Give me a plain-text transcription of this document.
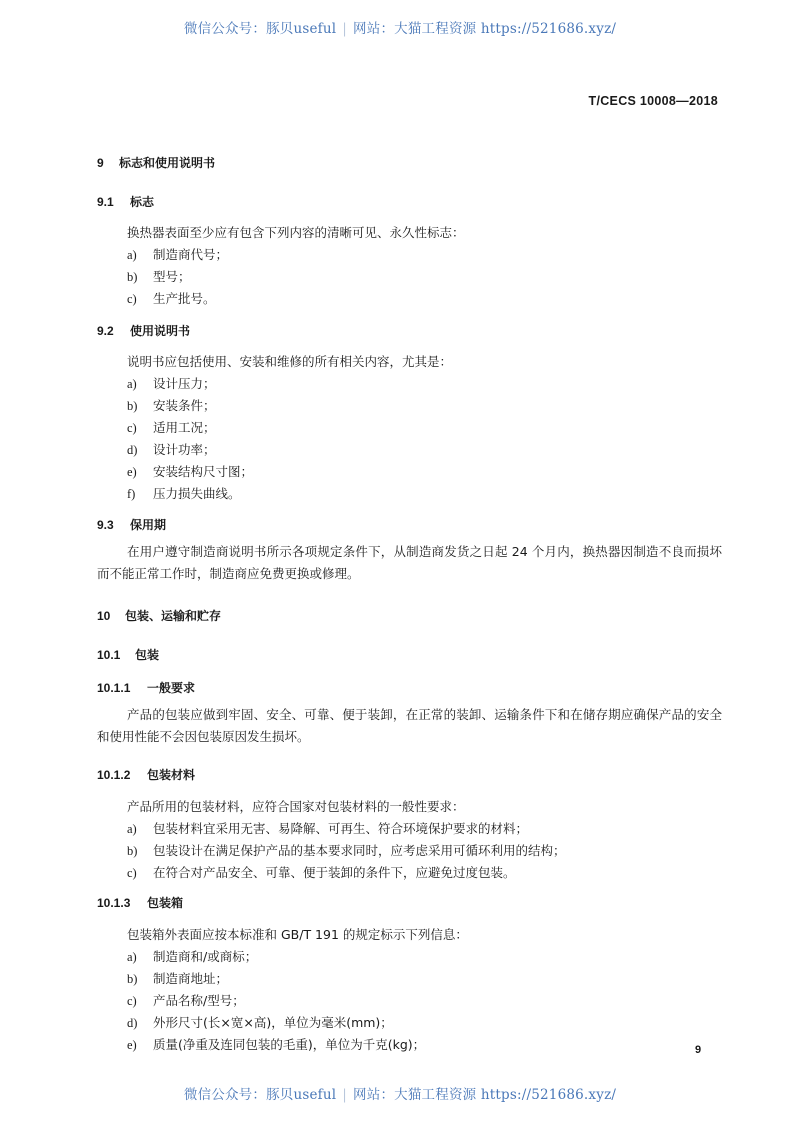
微信公众号：豚贝useful | 网站：大猫工程资源 https://521686.xyz/
T/CECS 10008—2018
9 标志和使用说明书
9.1 标志
换热器表面至少应有包含下列内容的清晰可见、永久性标志：
a) 制造商代号；
b) 型号；
c) 生产批号。
9.2 使用说明书
说明书应包括使用、安装和维修的所有相关内容，尤其是：
a) 设计压力；
b) 安装条件；
c) 适用工况；
d) 设计功率；
e) 安装结构尺寸图；
f) 压力损失曲线。
9.3 保用期
在用户遵守制造商说明书所示各项规定条件下，从制造商发货之日起 24 个月内，换热器因制造不良而损坏而不能正常工作时，制造商应免费更换或修理。
10 包装、运输和贮存
10.1 包装
10.1.1 一般要求
产品的包装应做到牢固、安全、可靠、便于装卸，在正常的装卸、运输条件下和在储存期应确保产品的安全和使用性能不会因包装原因发生损坏。
10.1.2 包装材料
产品所用的包装材料，应符合国家对包装材料的一般性要求：
a) 包装材料宜采用无害、易降解、可再生、符合环境保护要求的材料；
b) 包装设计在满足保护产品的基本要求同时，应考虑采用可循环利用的结构；
c) 在符合对产品安全、可靠、便于装卸的条件下，应避免过度包装。
10.1.3 包装箱
包装箱外表面应按本标准和 GB/T 191 的规定标示下列信息：
a) 制造商和/或商标；
b) 制造商地址；
c) 产品名称/型号；
d) 外形尺寸(长×宽×高)，单位为毫米(mm)；
e) 质量(净重及连同包装的毛重)，单位为千克(kg)；	9
微信公众号：豚贝useful | 网站：大猫工程资源 https://521686.xyz/
